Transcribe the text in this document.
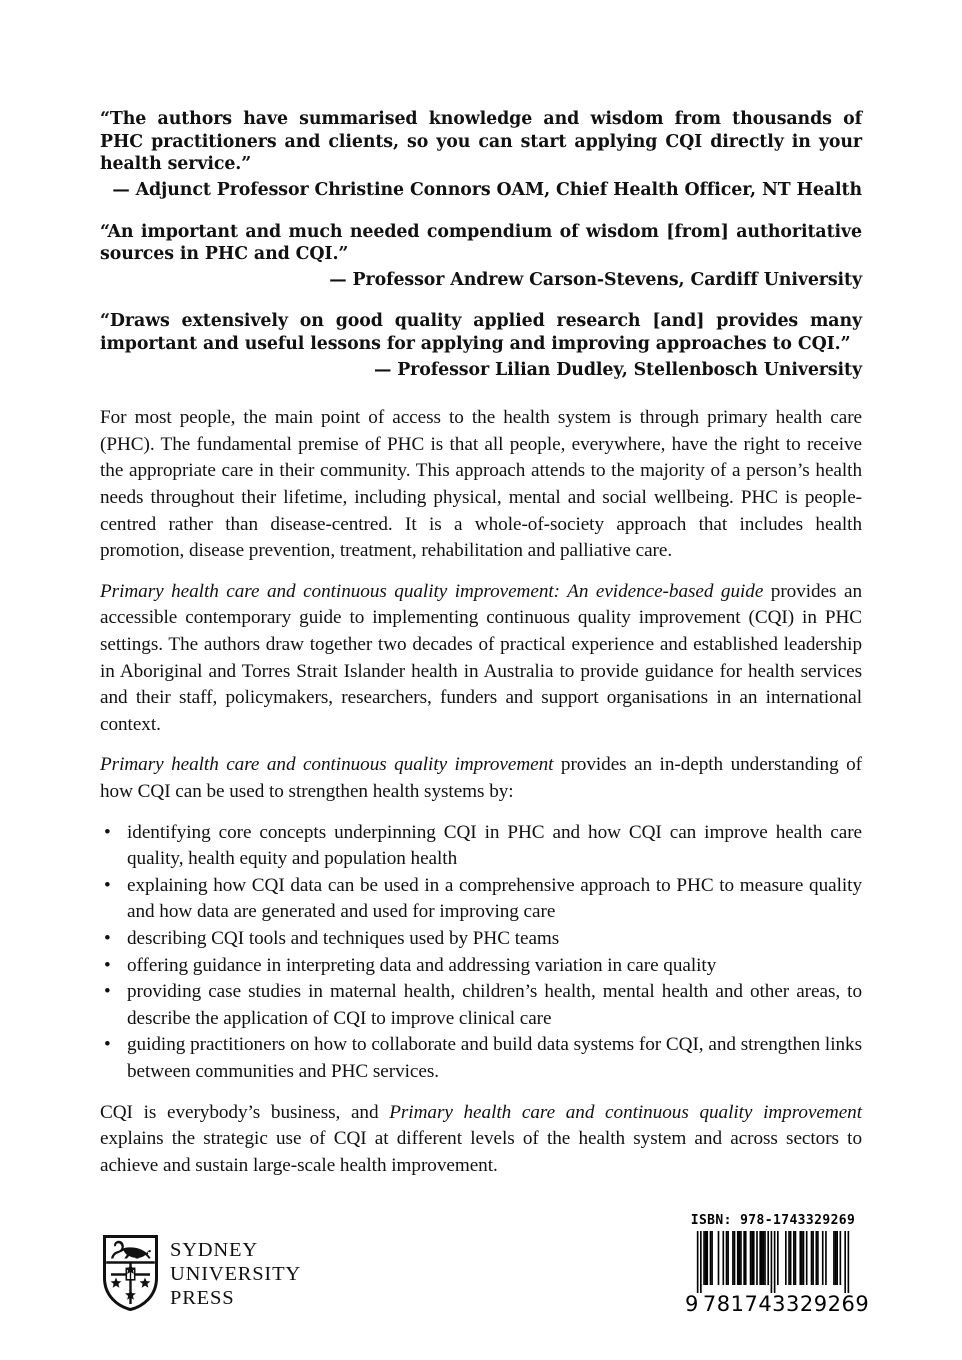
“The authors have summarised knowledge and wisdom from thousands of PHC practitioners and clients, so you can start applying CQI directly in your health service.”

— Adjunct Professor Christine Connors OAM, Chief Health Officer, NT Health

“An important and much needed compendium of wisdom [from] authoritative sources in PHC and CQI.”

— Professor Andrew Carson-Stevens, Cardiff University

“Draws extensively on good quality applied research [and] provides many important and useful lessons for applying and improving approaches to CQI.”

— Professor Lilian Dudley, Stellenbosch University

For most people, the main point of access to the health system is through primary health care (PHC). The fundamental premise of PHC is that all people, everywhere, have the right to receive the appropriate care in their community. This approach attends to the majority of a person’s health needs throughout their lifetime, including physical, mental and social wellbeing. PHC is people-centred rather than disease-centred. It is a whole-of-society approach that includes health promotion, disease prevention, treatment, rehabilitation and palliative care.

Primary health care and continuous quality improvement: An evidence-based guide provides an accessible contemporary guide to implementing continuous quality improvement (CQI) in PHC settings. The authors draw together two decades of practical experience and established leadership in Aboriginal and Torres Strait Islander health in Australia to provide guidance for health services and their staff, policymakers, researchers, funders and support organisations in an international context.

Primary health care and continuous quality improvement provides an in-depth understanding of how CQI can be used to strengthen health systems by:

• identifying core concepts underpinning CQI in PHC and how CQI can improve health care quality, health equity and population health
• explaining how CQI data can be used in a comprehensive approach to PHC to measure quality and how data are generated and used for improving care
• describing CQI tools and techniques used by PHC teams
• offering guidance in interpreting data and addressing variation in care quality
• providing case studies in maternal health, children’s health, mental health and other areas, to describe the application of CQI to improve clinical care
• guiding practitioners on how to collaborate and build data systems for CQI, and strengthen links between communities and PHC services.

CQI is everybody’s business, and Primary health care and continuous quality improvement explains the strategic use of CQI at different levels of the health system and across sectors to achieve and sustain large-scale health improvement.

SYDNEY
UNIVERSITY
PRESS
ISBN: 978-1743329269
9 781743 329269
